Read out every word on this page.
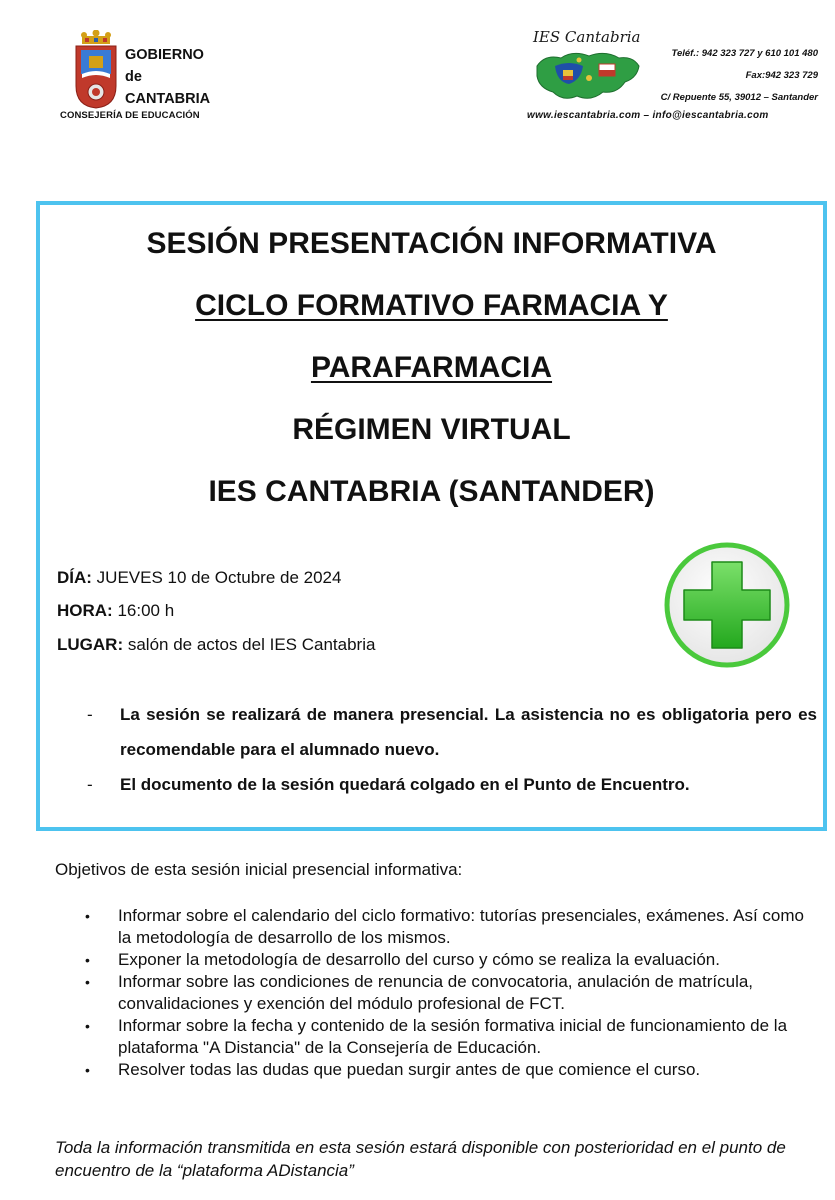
GOBIERNO
de
CANTABRIA
CONSEJERÍA DE EDUCACIÓN
IES Cantabria
Teléf.: 942 323 727 y 610 101 480
Fax:942 323 729
C/ Repuente 55, 39012 – Santander
www.iescantabria.com – info@iescantabria.com
SESIÓN PRESENTACIÓN INFORMATIVA
CICLO FORMATIVO FARMACIA Y
PARAFARMACIA
RÉGIMEN VIRTUAL
IES CANTABRIA (SANTANDER)
DÍA: JUEVES 10 de Octubre de 2024
HORA: 16:00 h
LUGAR: salón de actos del IES Cantabria
- La sesión se realizará de manera presencial. La asistencia no es obligatoria pero es recomendable para el alumnado nuevo.
- El documento de la sesión quedará colgado en el Punto de Encuentro.
Objetivos de esta sesión inicial presencial informativa:
• Informar sobre el calendario del ciclo formativo: tutorías presenciales, exámenes. Así como la metodología de desarrollo de los mismos.
• Exponer la metodología de desarrollo del curso y cómo se realiza la evaluación.
• Informar sobre las condiciones de renuncia de convocatoria, anulación de matrícula, convalidaciones y exención del módulo profesional de FCT.
• Informar sobre la fecha y contenido de la sesión formativa inicial de funcionamiento de la plataforma "A Distancia" de la Consejería de Educación.
• Resolver todas las dudas que puedan surgir antes de que comience el curso.
Toda la información transmitida en esta sesión estará disponible con posterioridad en el punto de encuentro de la “plataforma ADistancia”
